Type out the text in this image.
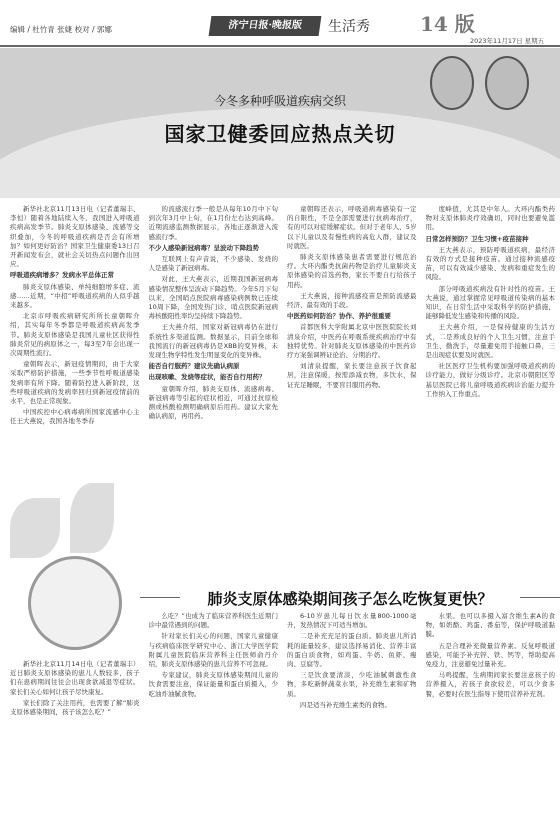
编辑 / 杜竹青 张婕 校对 / 郭娜	济宁日报·晚报版	生活秀	14 版
2023年11月17日 星期五
今冬多种呼吸道疾病交织
国家卫健委回应热点关切

新华社北京11月13日电（记者董瑞丰、李恒）随着各地陆续入冬，我国进入呼吸道疾病高发季节。肺炎支原体感染、流感等交织叠加，今冬的呼吸道疾病是否会有所增加？如何更好防治？国家卫生健康委13日召开新闻发布会，就社会关切热点问题作出回应。

呼吸道疾病增多？发病水平总体正常

肺炎支原体感染、单纯细胞增多症、流感……近期，“中招”呼吸道疾病的人似乎越来越多。

北京市呼吸疾病研究所所长童朝晖介绍，其实每年冬季都是呼吸道疾病高发季节。肺炎支原体感染是我国儿童社区获得性肺炎常见的病原体之一，每3至7年会出现一次周期性流行。

童朝晖表示，新冠疫情期间，由于大家采取严格防护措施，一些季节性呼吸道感染发病率有所下降。随着防控进入新阶段，这些呼吸道疾病的发病率回归到新冠疫情前的水平，也是正常现象。

中国疾控中心病毒病所国家流感中心主任王大燕说，我国各地冬季春

的流感流行季一般是从每年10月中下旬到次年3月中上旬，在1月份左右达到高峰。近期流感监测数据显示，各地正逐渐进入流感流行季。

不少人感染新冠病毒？呈波动下降趋势

互联网上有声音说，不少感染、发烧的人是感染了新冠病毒。

对此，王大燕表示，近期我国新冠病毒感染情况整体呈波动下降趋势。今年5月下旬以来，全国哨点医院病毒感染病例数已连续10周下降，全国发热门诊、哨点医院新冠病毒核酸阳性率均呈持续下降趋势。

王大燕介绍，国家对新冠病毒仍在进行系统性多渠道监测。数据显示，目前全球和我国流行的新冠病毒仍是XBB的变异株，未发现生物学特性发生明显变化的变异株。

能否自行服药？建议先确认病原

出现咳嗽、发烧等症状，能否自行用药？

童朝晖介绍，肺炎支原体、流感病毒、新冠病毒等引起的症状相近，可通过抗原检测或核酸检测明确病原后用药。建议大家先确认病原，再用药。

童朝晖还表示，呼吸道病毒感染有一定的自限性，不是全部需要进行抗病毒治疗，有的可以对症缓解症状。但对于老年人、5岁以下儿童以及有慢性病的高危人群，建议及时就医。

肺炎支原体感染患者需要进行规范治疗。大环内酯类抗菌药物是治疗儿童肺炎支原体感染的首选药物，家长不要自行给孩子用药。

王大燕说，接种流感疫苗是预防流感最经济、最有效的手段。

中医药如何防治？协作、养护很重要

首都医科大学附属北京中医医院院长刘清泉介绍，中医药在呼吸系统疾病治疗中有独特优势。针对肺炎支原体感染的中医药诊疗方案强调辨证论治、分期治疗。

刘清泉提醒，家长要注意孩子饮食起居，注意保暖，按需添减衣物，多饮水，保证充足睡眠，不要盲目服用药物。

度峰值，尤其是中年人。大环内酯类药物对支原体肺炎疗效确切，同时也要避免滥用。

日常怎样预防？卫生习惯+疫苗接种

王大燕表示，预防呼吸道疾病，最经济有效的方式是接种疫苗。通过接种流感疫苗，可以有效减少感染、发病和重症发生的风险。

部分呼吸道疾病没有针对性的疫苗。王大燕说，通过掌握常见呼吸道传染病的基本知识，在日常生活中采取科学的防护措施，能够降低发生感染和传播的风险。

王大燕介绍，一是保持健康的生活方式，二是养成良好的个人卫生习惯，注意手卫生、勤洗手，尽量避免用手接触口鼻，三是出现症状要及时就医。

社区医疗卫生机构要加强呼吸道疾病的诊疗能力，做好分级诊疗。北京市朝阳区等基层医院已将儿童呼吸道疾病诊治能力提升工作纳入工作重点。

肺炎支原体感染期间孩子怎么吃恢复更快？

新华社北京11月14日电（记者董瑞丰）近日肺炎支原体感染的患儿人数较多，孩子们在患病期间往往会出现食欲减退等症状。家长们关心如何让孩子尽快康复。

家长们除了关注用药，也需要了解“肺炎支原体感染期间，孩子该怎么吃？”

么吃？”也成为了临床营养科医生近期门诊中最常遇到的问题。

针对家长们关心的问题，国家儿童健康与疾病临床医学研究中心、浙江大学医学院附属儿童医院临床营养科主任医师俞丹介绍，肺炎支原体感染的患儿营养不可忽视。

专家建议，肺炎支原体感染期间儿童的饮食需要注意，保证能量和蛋白质摄入，少吃油炸油腻食物。

6-10岁患儿每日饮水量800-1000毫升，发热情况下可适当增加。

二是补充充足的蛋白质。肺炎患儿所消耗的能量较多，建议选择易消化、营养丰富的蛋白质食物，如鸡蛋、牛奶、鱼虾、瘦肉、豆腐等。

三是饮食要清淡，少吃油腻刺激性食物，多吃新鲜蔬菜水果，补充维生素和矿物质。

四是适当补充维生素类的食物。

水果。也可以多摄入富含维生素A的食物，如奶酪、鸡蛋、番茄等，保护呼吸道黏膜。

五是合理补充微量营养素。反复呼吸道感染，可能予补充锌、铁、钙等，帮助提高免疫力，注意避免过量补充。

马鸣提醒，生病期间家长要注意孩子的营养摄入，若孩子食欲较差，可以少食多餐，必要时在医生指导下使用营养补充剂。
